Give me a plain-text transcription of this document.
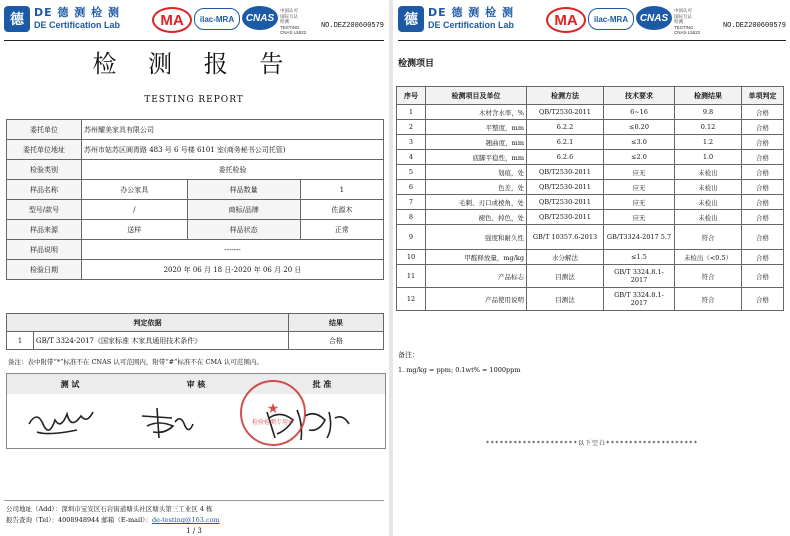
德 DE 德 测 检 测
DE Certification Lab	MA	ilac-MRA	CNAS
中国认可
国际互认
检测
TESTING
CNAS L5522
NO.DEZ200600579
检 测 报 告
TESTING REPORT
委托单位	苏州耀美家具有限公司		
委托单位地址	苏州市姑苏区阊胥路 483 号 6 号楼 6101 室(商务秘书公司托管)		
检验类别	委托检验		
样品名称	办公家具	样品数量	1
型号/款号	/	商标/品牌	佐源木
样品来源	送样	样品状态	正常
样品说明	-------		
检验日期	2020 年 06 月 18 日-2020 年 06 月 20 日		
判定依据		结果
1	GB/T 3324-2017《国家标准 木家具通用技术条件》	合格
备注：表中附带“*”标准不在 CNAS 认可范围内，附带“#”标准不在 CMA 认可范围内。
测 试	审 核	批 准
★
检验检测专用章
公司地址（Add）：深圳市宝安区石岩街道塘头社区塘头第三工业区 4 栋
报告查询（Tel）：4008948944 邮箱（E-mail）：de-testing@163.com
1 / 3
德 DE 德 测 检 测
DE Certification Lab	MA	ilac-MRA	CNAS
中国认可
国际互认
检测
TESTING
CNAS L5522
NO.DEZ200600579
检测项目
序号	检测项目及单位	检测方法	技术要求	检测结果	单项判定
1	木材含水率，%	QB/T2530-2011	6~16	9.8	合格
2	平整度，mm	6.2.2	≤0.20	0.12	合格
3	翘曲度，mm	6.2.1	≤3.0	1.2	合格
4	底脚平稳性，mm	6.2.6	≤2.0	1.0	合格
5	划痕，处	QB/T2530-2011	应无	未检出	合格
6	色差，处	QB/T2530-2011	应无	未检出	合格
7	毛刺、刃口或棱角，处	QB/T2530-2011	应无	未检出	合格
8	褪色、掉色，处	QB/T2530-2011	应无	未检出	合格
9	强度和耐久性	GB/T 10357.6-2013	GB/T3324-2017 5.7	符合	合格
10	甲醛释放量，mg/kg	水分解法	≤1.5	未检出（<0.5）	合格
11	产品标志	目测法	GB/T 3324.8.1-2017	符合	合格
12	产品使用说明	目测法	GB/T 3324.8.1-2017	符合	合格
备注：
1. mg/kg = ppm; 0.1wt% = 1000ppm
********************以下空白********************
